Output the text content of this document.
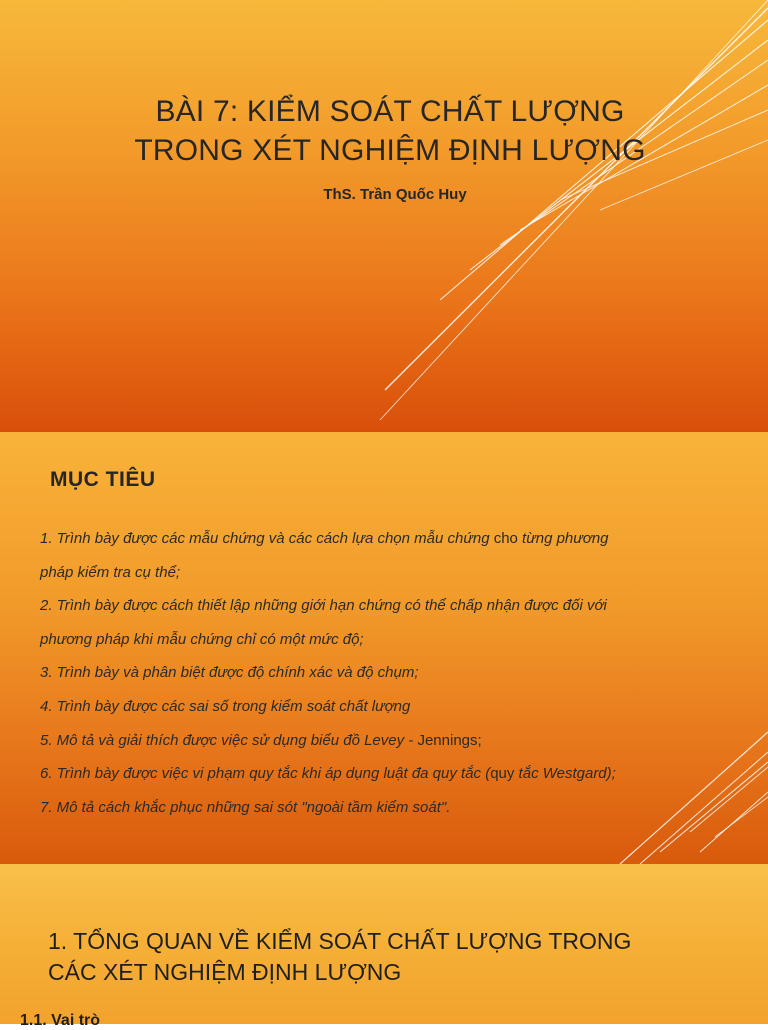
BÀI 7: KIỂM SOÁT CHẤT LƯỢNG
TRONG XÉT NGHIỆM ĐỊNH LƯỢNG
ThS. Trần Quốc Huy
MỤC TIÊU
1. Trình bày được các mẫu chứng và các cách lựa chọn mẫu chứng cho từng phương
pháp kiểm tra cụ thể;
2. Trình bày được cách thiết lập những giới hạn chứng có thể chấp nhận được đối với
phương pháp khi mẫu chứng chỉ có một mức độ;
3. Trình bày và phân biệt được độ chính xác và độ chụm;
4. Trình bày được các sai số trong kiểm soát chất lượng
5. Mô tả và giải thích được việc sử dụng biểu đồ Levey - Jennings;
6. Trình bày được việc vi phạm quy tắc khi áp dụng luật đa quy tắc (quy tắc Westgard);
7. Mô tả cách khắc phục những sai sót "ngoài tầm kiểm soát".
1. TỔNG QUAN VỀ KIỂM SOÁT CHẤT LƯỢNG TRONG
CÁC XÉT NGHIỆM ĐỊNH LƯỢNG
1.1. Vai trò
